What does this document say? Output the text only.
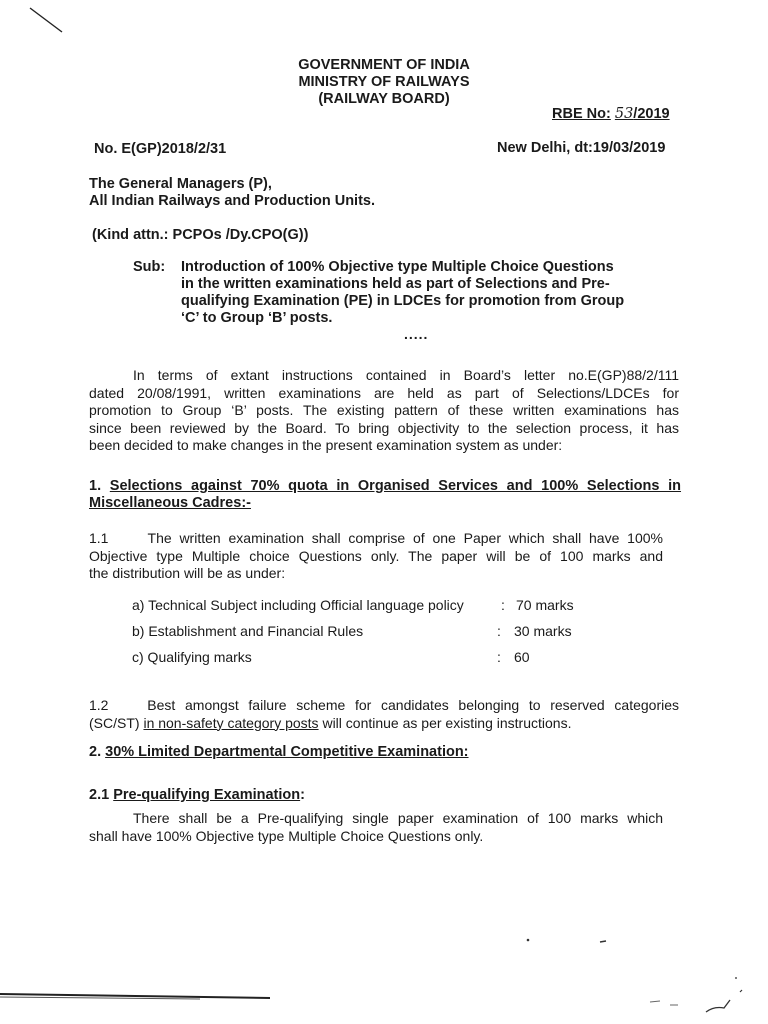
GOVERNMENT OF INDIA
MINISTRY OF RAILWAYS
(RAILWAY BOARD)
RBE No: 53/2019
No. E(GP)2018/2/31	New Delhi, dt:19/03/2019
The General Managers (P),
All Indian Railways and Production Units.
(Kind attn.: PCPOs /Dy.CPO(G))
Sub: Introduction of 100% Objective type Multiple Choice Questions
in the written examinations held as part of Selections and Pre-
qualifying Examination (PE) in LDCEs for promotion from Group
‘C’ to Group ‘B’ posts.
.....
In terms of extant instructions contained in Board’s letter no.E(GP)88/2/111
dated 20/08/1991, written examinations are held as part of Selections/LDCEs for
promotion to Group ‘B’ posts. The existing pattern of these written examinations has
since been reviewed by the Board. To bring objectivity to the selection process, it has
been decided to make changes in the present examination system as under:
1. Selections against 70% quota in Organised Services and 100% Selections in
Miscellaneous Cadres:-
1.1	The written examination shall comprise of one Paper which shall have 100%
Objective type Multiple choice Questions only. The paper will be of 100 marks and
the distribution will be as under:
a) Technical Subject including Official language policy	: 70 marks
b) Establishment and Financial Rules	: 30 marks
c) Qualifying marks	: 60
1.2	Best amongst failure scheme for candidates belonging to reserved categories
(SC/ST) in non-safety category posts will continue as per existing instructions.
2. 30% Limited Departmental Competitive Examination:
2.1 Pre-qualifying Examination:
There shall be a Pre-qualifying single paper examination of 100 marks which
shall have 100% Objective type Multiple Choice Questions only.
